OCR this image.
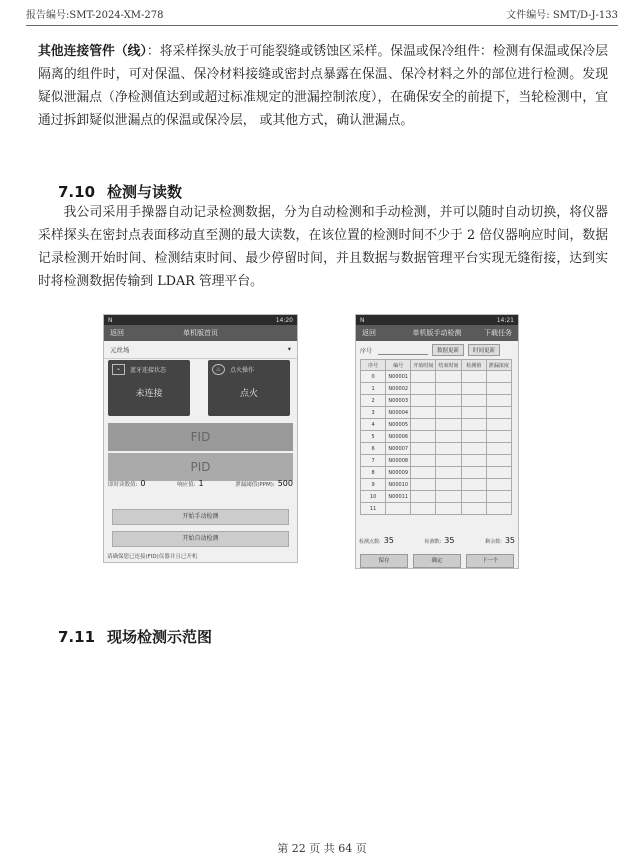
报告编号:SMT-2024-XM-278	文件编号: SMT/D-J-133
其他连接管件（线）：将采样探头放于可能裂缝或锈蚀区采样。保温或保冷组件：检测有保温或保冷层隔离的组件时，可对保温、保冷材料接缝或密封点暴露在保温、保冷材料之外的部位进行检测。发现疑似泄漏点（净检测值达到或超过标准规定的泄漏控制浓度），在确保安全的前提下，当轮检测中，宜通过拆卸疑似泄漏点的保温或保冷层， 或其他方式，确认泄漏点。
7.10 检测与读数
我公司采用手操器自动记录检测数据，分为自动检测和手动检测，并可以随时自动切换，将仪器采样探头在密封点表面移动直至测的最大读数，在该位置的检测时间不少于 2 倍仪器响应时间，数据记录检测开始时间、检测结束时间、最少停留时间，并且数据与数据管理平台实现无缝衔接，达到实时将检测数据传输到 LDAR 管理平台。
N	14:20
返回	单机版首页
元丝场	▾
⌁	蓝牙连接状态
未连接
♨	点火操作
点火
FID
PID
即时读数值: 0	响应值: 1	泄漏阈值(PPM): 500
开始手动检测
开始自动检测
请确保您已连接(FID)仪器并且已开机
N	14:21
返回	单机版手动检测	下载任务
序号	数据更新	时间更新
序号	编号	开始时间	结束时间	检测值	泄漏浓度
0	N00001				
1	N00002				
2	N00003				
3	N00004				
4	N00005				
5	N00006				
6	N00007				
7	N00008				
8	N00009				
9	N00010				
10	N00011				
11					
检测点数: 35	检测数: 35	剩余数: 35
保存	确定	下一个
7.11 现场检测示范图
第 22 页 共 64 页
